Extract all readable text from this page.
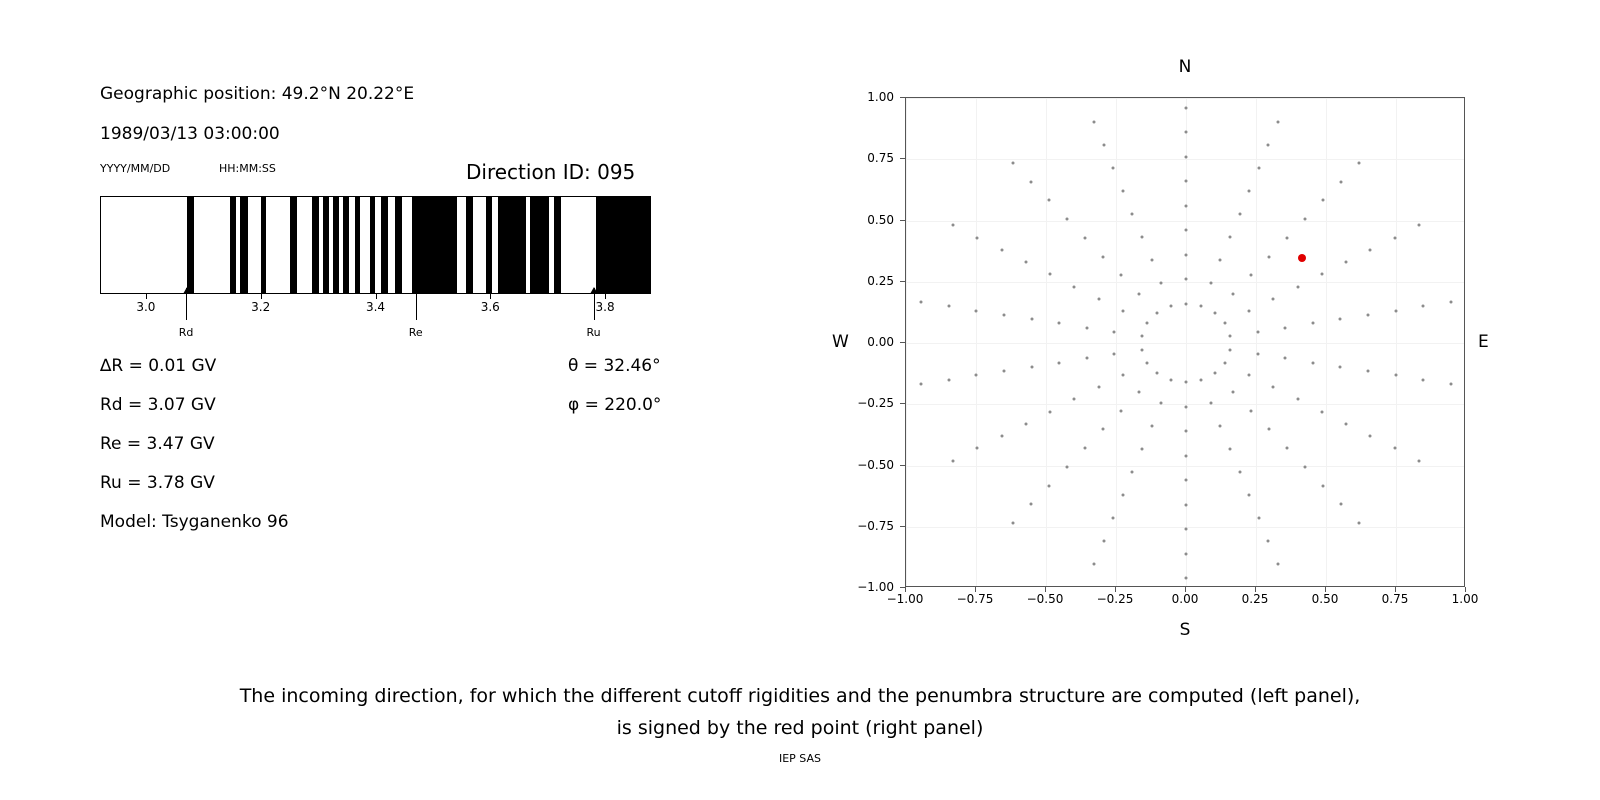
Geographic position: 49.2°N 20.22°E
1989/03/13 03:00:00
YYYY/MM/DD	HH:MM:SS	Direction ID: 095
3.0	3.2	3.4	3.6	3.8
Rd	Re	Ru
∆R = 0.01 GV
Rd = 3.07 GV
Re = 3.47 GV
Ru = 3.78 GV
Model: Tsyganenko 96
θ = 32.46°
φ = 220.0°
N
S
W	E
−1.00	−0.75	−0.50	−0.25	0.00	0.25	0.50	0.75	1.00
−1.00
−0.75
−0.50
−0.25
0.00
0.25
0.50
0.75
1.00
The incoming direction, for which the different cutoff rigidities and the penumbra structure are computed (left panel),
is signed by the red point (right panel)
IEP SAS
